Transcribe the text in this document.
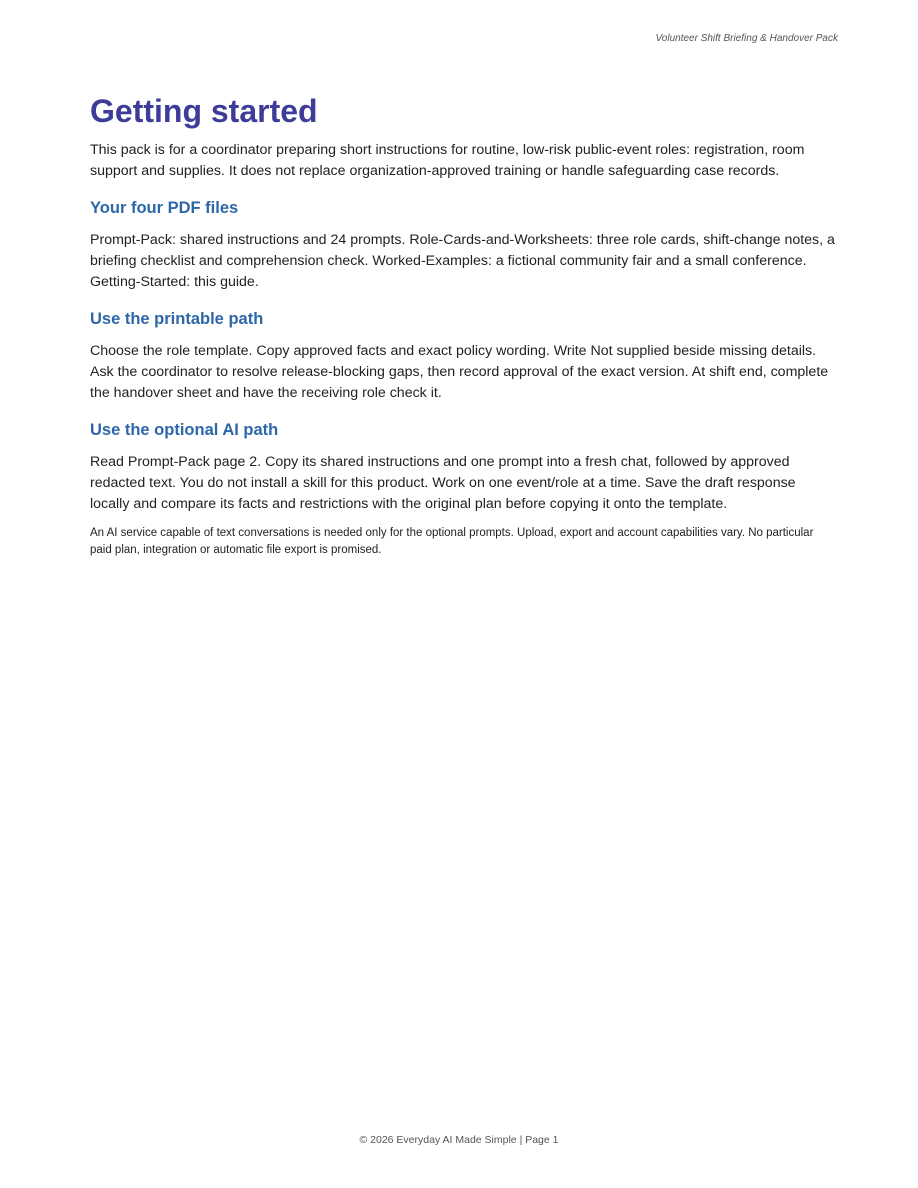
Volunteer Shift Briefing & Handover Pack
Getting started

This pack is for a coordinator preparing short instructions for routine, low-risk public-event roles: registration, room support and supplies. It does not replace organization-approved training or handle safeguarding case records.

Your four PDF files

Prompt-Pack: shared instructions and 24 prompts. Role-Cards-and-Worksheets: three role cards, shift-change notes, a briefing checklist and comprehension check. Worked-Examples: a fictional community fair and a small conference. Getting-Started: this guide.

Use the printable path

Choose the role template. Copy approved facts and exact policy wording. Write Not supplied beside missing details. Ask the coordinator to resolve release-blocking gaps, then record approval of the exact version. At shift end, complete the handover sheet and have the receiving role check it.

Use the optional AI path

Read Prompt-Pack page 2. Copy its shared instructions and one prompt into a fresh chat, followed by approved redacted text. You do not install a skill for this product. Work on one event/role at a time. Save the draft response locally and compare its facts and restrictions with the original plan before copying it onto the template.

An AI service capable of text conversations is needed only for the optional prompts. Upload, export and account capabilities vary. No particular paid plan, integration or automatic file export is promised.

© 2026 Everyday AI Made Simple | Page 1
